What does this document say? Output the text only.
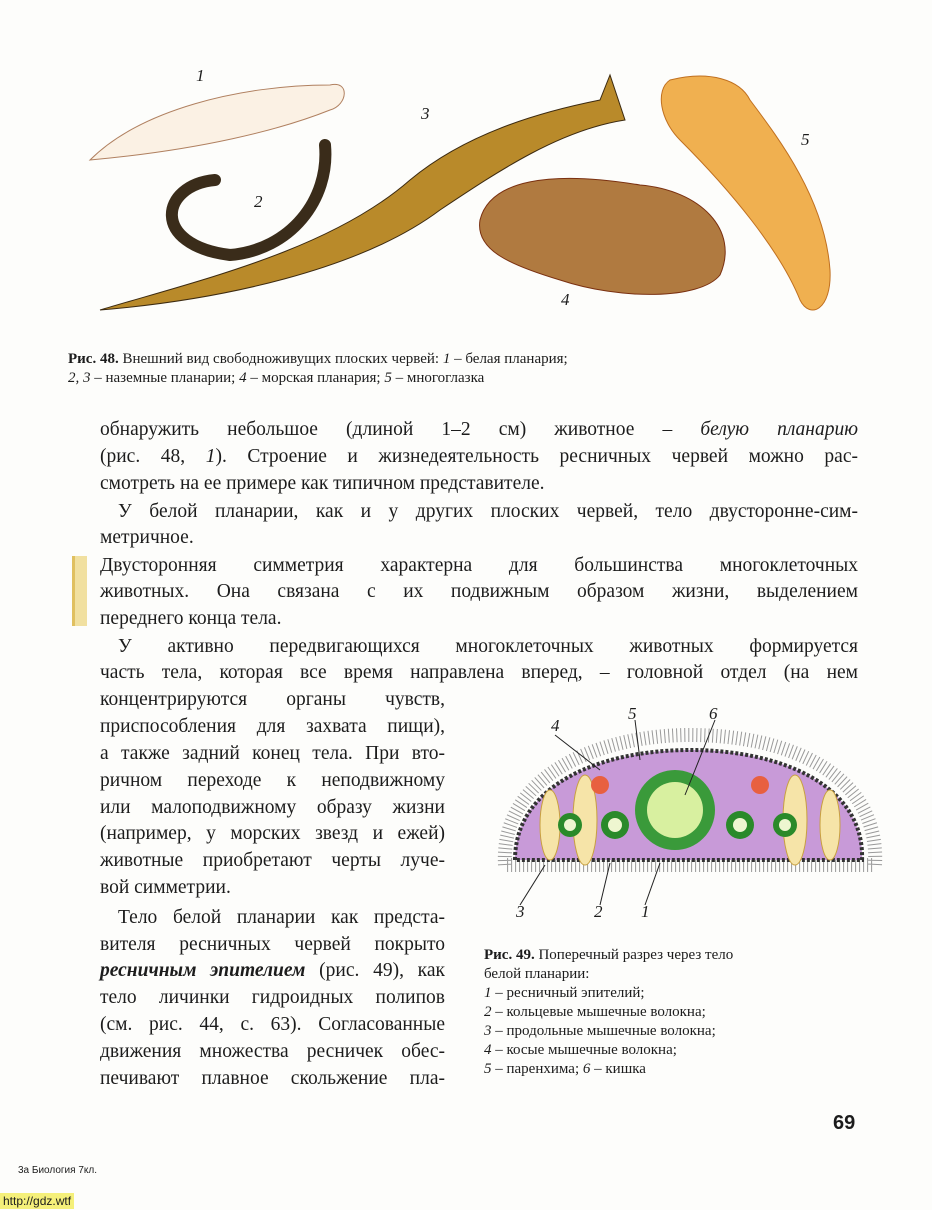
1
2
3
4
5
Рис. 48. Внешний вид свободноживущих плоских червей: 1 – белая планария;
2, 3 – наземные планарии; 4 – морская планария; 5 – многоглазка
обнаружить небольшое (длиной 1–2 см) животное – белую планарию
(рис. 48, 1). Строение и жизнедеятельность ресничных червей можно рас-
смотреть на ее примере как типичном представителе.
У белой планарии, как и у других плоских червей, тело двусторонне-сим-
метричное.
Двусторонняя симметрия характерна для большинства многоклеточных
животных. Она связана с их подвижным образом жизни, выделением
переднего конца тела.
У активно передвигающихся многоклеточных животных формируется
часть тела, которая все время направлена вперед, – головной отдел (на нем
концентрируются органы чувств,
приспособления для захвата пищи),
а также задний конец тела. При вто-
ричном переходе к неподвижному
или малоподвижному образу жизни
(например, у морских звезд и ежей)
животные приобретают черты луче-
вой симметрии.
Тело белой планарии как предста-
вителя ресничных червей покрыто
ресничным эпителием (рис. 49), как
тело личинки гидроидных полипов
(см. рис. 44, с. 63). Согласованные
движения множества ресничек обес-
печивают плавное скольжение пла-
1
2
3
4
5	6
Рис. 49. Поперечный разрез через тело
белой планарии:
1 – ресничный эпителий;
2 – кольцевые мышечные волокна;
3 – продольные мышечные волокна;
4 – косые мышечные волокна;
5 – паренхима; 6 – кишка
69
3a Биология 7кл.
http://gdz.wtf
